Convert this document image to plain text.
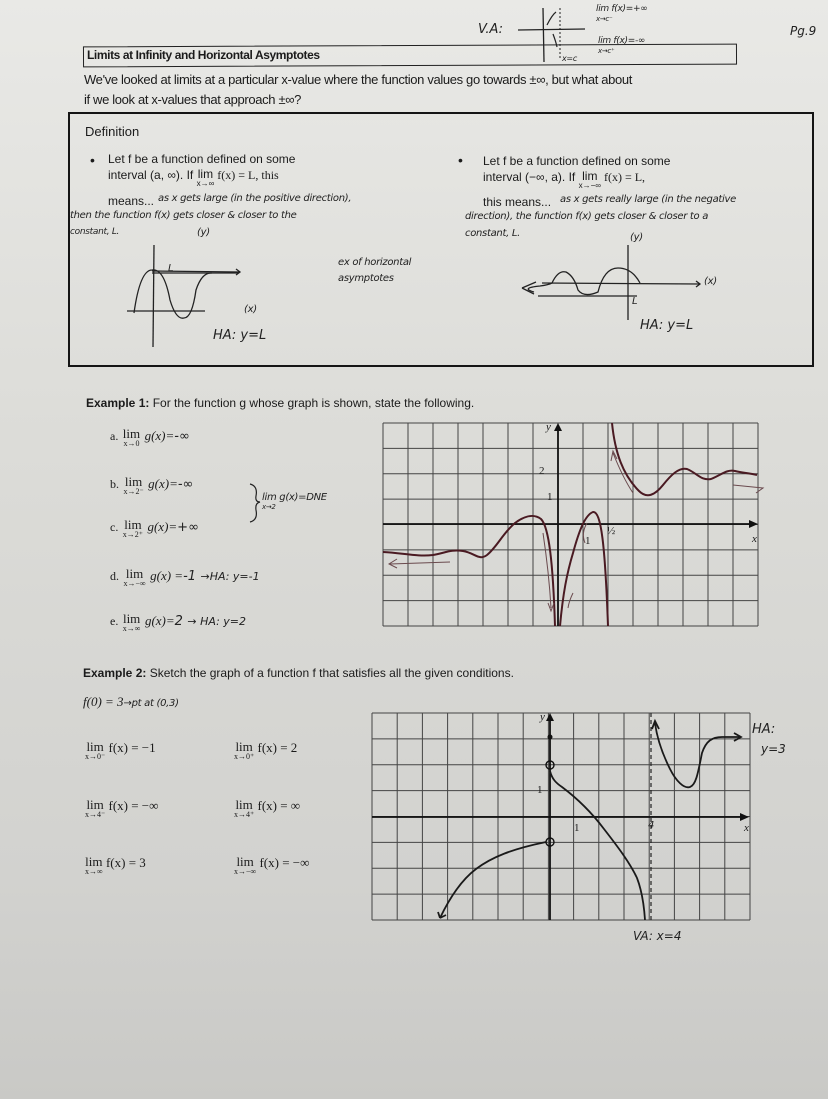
V.A:
lim f(x)=+∞
x→c⁻
lim f(x)=-∞
x→c⁺
x=c
Pg.9
Limits at Infinity and Horizontal Asymptotes
We've looked at limits at a particular x-value where the function values go towards ±∞, but what about
if we look at x-values that approach ±∞?
Definition
• Let f be a function defined on some
interval (a, ∞). If lim
x→∞
f(x) = L, this
means... as x gets large (in the positive direction),
then the function f(x) gets closer & closer to the
constant, L.
• Let f be a function defined on some
interval (−∞, a). If lim
x→−∞
f(x) = L,
this means... as x gets really large (in the negative
direction), the function f(x) gets closer & closer to a
constant, L.
(y)
L
(x)
HA: y=L
ex of horizontal
asymptotes
(y)
(x)
L
HA: y=L
Example 1: For the function g whose graph is shown, state the following.
a. lim
x→0
g(x)=-∞
b. lim
x→2⁻
g(x)=-∞
c. lim
x→2⁺
g(x)=+∞
d. lim
x→−∞
g(x) =-1 →HA: y=-1
e. lim
x→∞
g(x)=2 → HA: y=2
lim g(x)=DNE
x→2
y
2
1
½
1	x
Example 2: Sketch the graph of a function f that satisfies all the given conditions.
f(0) = 3→pt at (0,3)
lim
x→0⁻
f(x) = −1	lim
x→0⁺
f(x) = 2
lim
x→4⁻
f(x) = −∞	lim
x→4⁺
f(x) = ∞
lim
x→∞
f(x) = 3	lim
x→−∞
f(x) = −∞
y
1
1	4	x
HA:
y=3
VA: x=4
